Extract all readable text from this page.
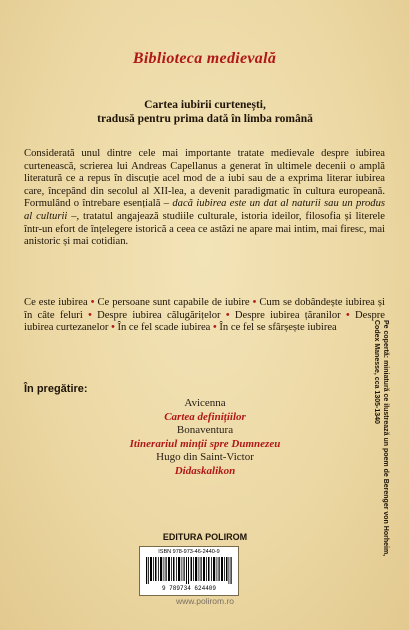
Biblioteca medievală
Cartea iubirii curtenești,
tradusă pentru prima dată în limba română
Considerată unul dintre cele mai importante tratate medievale despre iubirea curtenească, scrierea lui Andreas Capellanus a generat în ultimele decenii o amplă literatură ce a repus în discuție acel mod de a iubi sau de a exprima literar iubirea care, începând din secolul al XII-lea, a devenit paradigmatic în cultura europeană. Formulând o întrebare esențială – dacă iubirea este un dat al naturii sau un produs al culturii –, tratatul angajează studiile culturale, istoria ideilor, filosofia și literele într-un efort de înțelegere istorică a ceea ce astăzi ne apare mai intim, mai firesc, mai anistoric și mai cotidian.
Ce este iubirea • Ce persoane sunt capabile de iubire • Cum se dobândește iubirea și în câte feluri • Despre iubirea călugărițelor • Despre iubirea țăranilor • Despre iubirea curtezanelor • În ce fel scade iubirea • În ce fel se sfârșește iubirea
În pregătire:
Avicenna
Cartea definițiilor
Bonaventura
Itinerariul minții spre Dumnezeu
Hugo din Saint-Victor
Didaskalikon
EDITURA POLIROM
ISBN 978-973-46-2440-9
9 789734 624409
www.polirom.ro
Pe copertă: miniatură ce ilustrează un poem de Berenger von Horheim,
Codex Manesse, cca 1305-1340
